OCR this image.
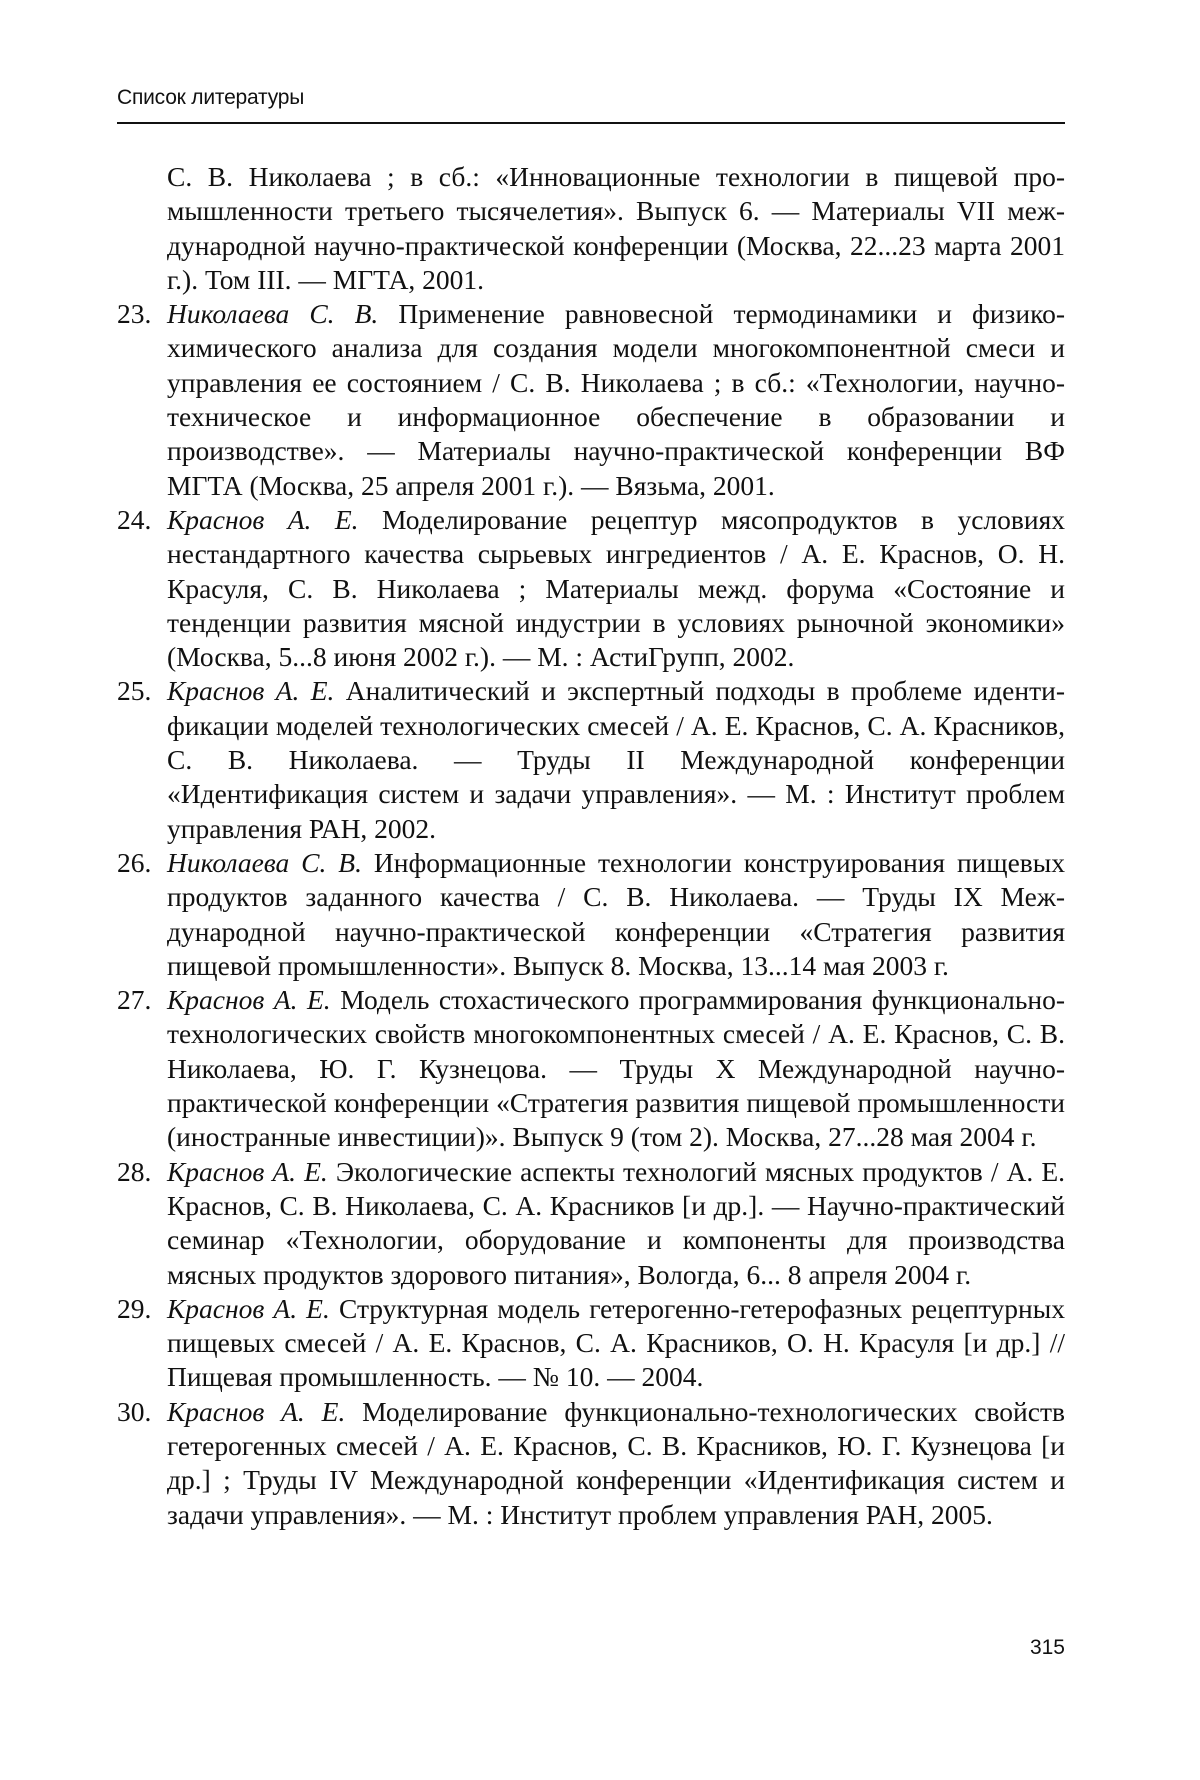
Список литературы
С. В. Николаева ; в сб.: «Инновационные технологии в пищевой про­мышленности третьего тысячелетия». Выпуск 6. — Материалы VII меж­дународной научно-практической конференции (Москва, 22...23 марта 2001 г.). Том III. — МГТА, 2001.
23. Николаева С. В. Применение равновесной термодинамики и физико-химического анализа для создания модели многокомпонентной сме­си и управления ее состоянием / С. В. Николаева ; в сб.: «Технологии, научно-техническое и информационное обеспечение в образовании и производстве». — Материалы научно-практической конференции ВФ МГТА (Москва, 25 апреля 2001 г.). — Вязьма, 2001.
24. Краснов А. Е. Моделирование рецептур мясопродуктов в условиях нестандартного качества сырьевых ингредиентов / А. Е. Краснов, О. Н. Красуля, С. В. Николаева ; Материалы межд. форума «Состоя­ние и тенденции развития мясной индустрии в условиях рыночной экономики» (Москва, 5...8 июня 2002 г.). — М. : АстиГрупп, 2002.
25. Краснов А. Е. Аналитический и экспертный подходы в проблеме иденти­фикации моделей технологических смесей / А. Е. Краснов, С. А. Крас­ников, С. В. Николаева. — Труды II Международной конференции «Идентификация систем и задачи управления». — М. : Институт про­блем управления РАН, 2002.
26. Николаева С. В. Информационные технологии конструирования пище­вых продуктов заданного качества / С. В. Николаева. — Труды IX Меж­дународной научно-практической конференции «Стратегия развития пищевой промышленности». Выпуск 8. Москва, 13...14 мая 2003 г.
27. Краснов А. Е. Модель стохастического программирования функциональ­но-технологических свойств многокомпонентных смесей / А. Е. Крас­нов, С. В. Николаева, Ю. Г. Кузнецова. — Труды X Международной научно-практической конференции «Стратегия развития пищевой про­мышленности (иностранные инвестиции)». Выпуск 9 (том 2). Москва, 27...28 мая 2004 г.
28. Краснов А. Е. Экологические аспекты технологий мясных продуктов / А. Е. Краснов, С. В. Николаева, С. А. Красников [и др.]. — Научно-практический семинар «Технологии, оборудование и компоненты для производства мясных продуктов здорового питания», Вологда, 6... 8 апреля 2004 г.
29. Краснов А. Е. Структурная модель гетерогенно-гетерофазных рецеп­турных пищевых смесей / А. Е. Краснов, С. А. Красников, О. Н. Кра­суля [и др.] // Пищевая промышленность. — № 10. — 2004.
30. Краснов А. Е. Моделирование функционально-технологических свойств гетерогенных смесей / А. Е. Краснов, С. В. Красников, Ю. Г. Кузнецова [и др.] ; Труды IV Международной конференции «Идентификация систем и задачи управления». — М. : Институт проблем управления РАН, 2005.
315
